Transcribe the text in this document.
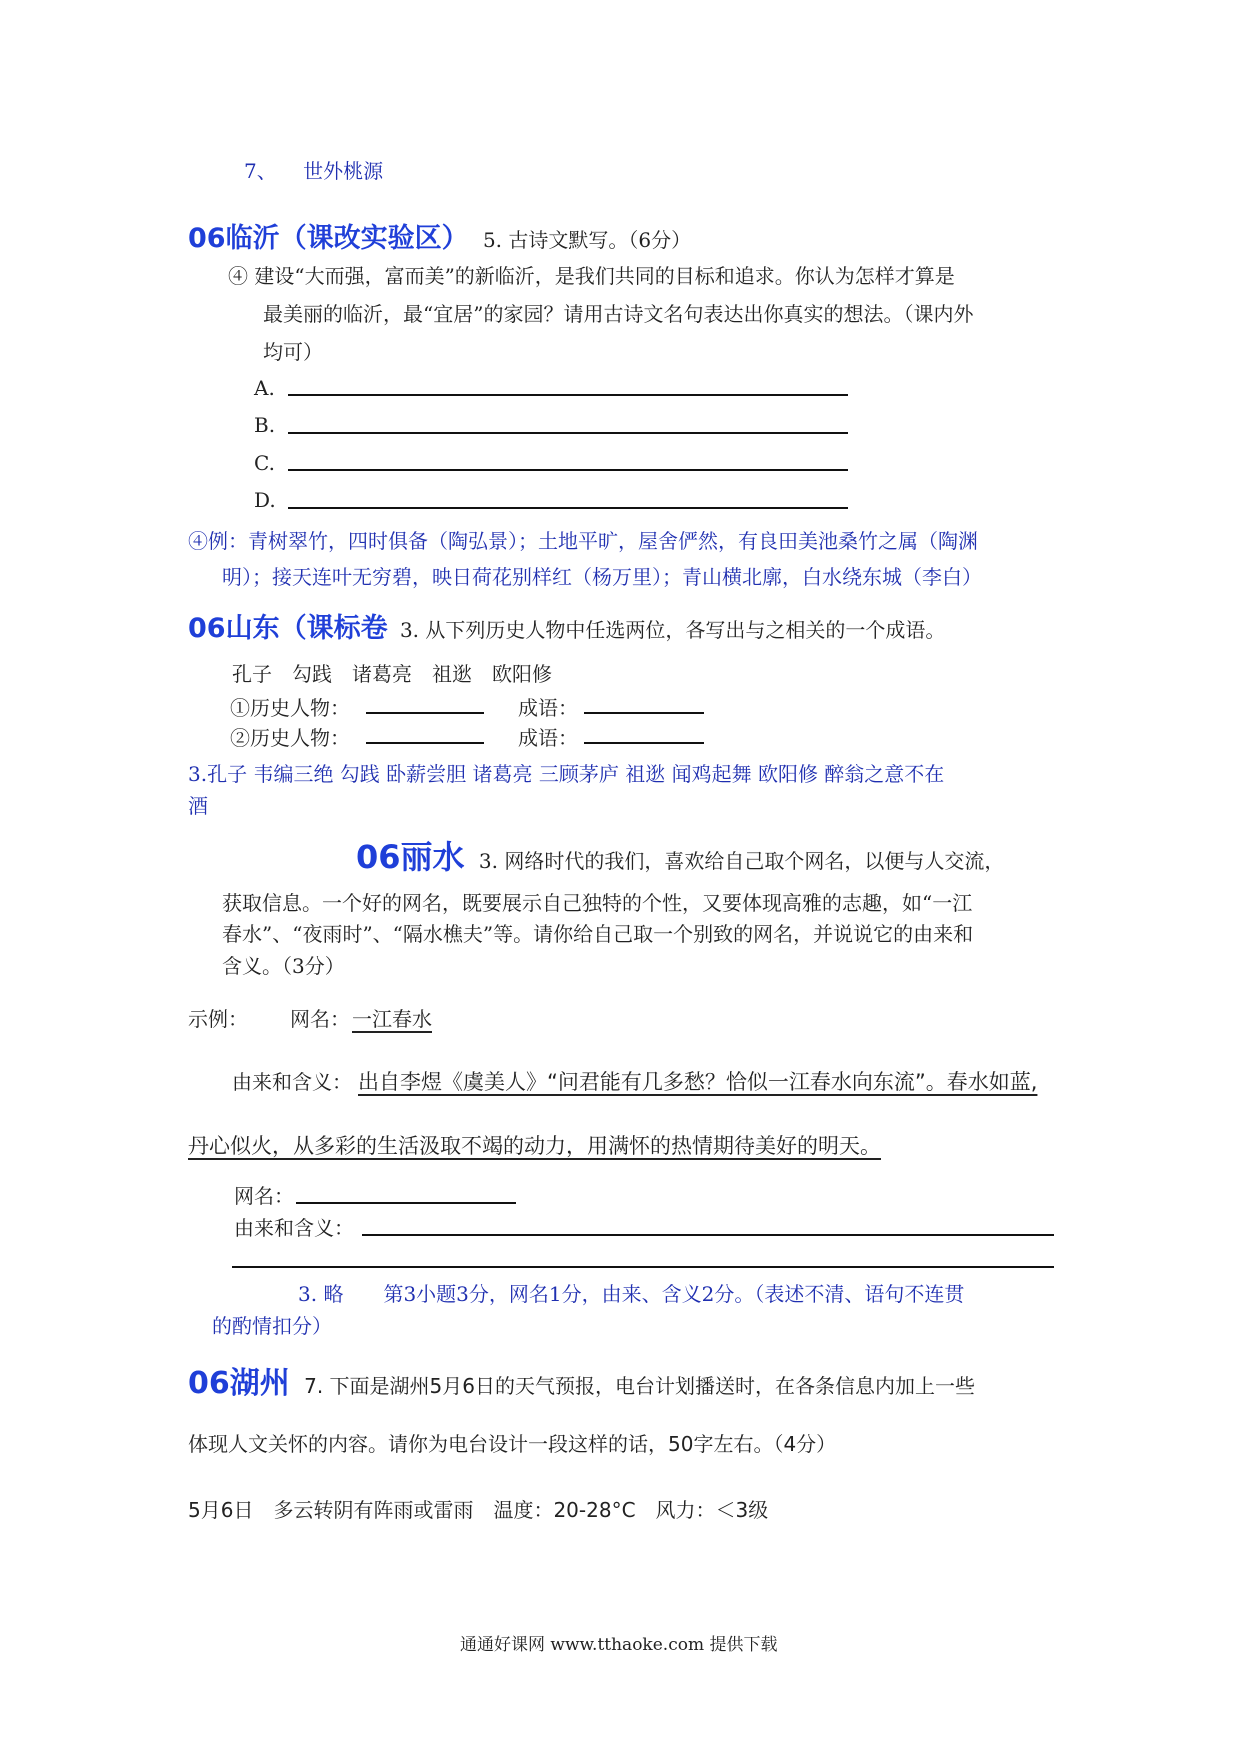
7、 世外桃源
06临沂（课改实验区） 5. 古诗文默写。（6分）
④ 建设“大而强，富而美”的新临沂，是我们共同的目标和追求。你认为怎样才算是
最美丽的临沂，最“宜居”的家园？请用古诗文名句表达出你真实的想法。（课内外
均可）
A.
B.
C.
D.
④例：青树翠竹，四时俱备（陶弘景）；土地平旷，屋舍俨然，有良田美池桑竹之属（陶渊
明）；接天连叶无穷碧，映日荷花别样红（杨万里）；青山横北廓，白水绕东城（李白）
06山东（课标卷 3. 从下列历史人物中任选两位，各写出与之相关的一个成语。
孔子　勾践　诸葛亮　祖逖　欧阳修
①历史人物：	成语：
②历史人物：	成语：
3.孔子 韦编三绝 勾践 卧薪尝胆 诸葛亮 三顾茅庐 祖逖 闻鸡起舞 欧阳修 醉翁之意不在
酒
06丽水 3. 网络时代的我们，喜欢给自己取个网名，以便与人交流，
获取信息。一个好的网名，既要展示自己独特的个性，又要体现高雅的志趣，如“一江
春水”、“夜雨时”、“隔水樵夫”等。请你给自己取一个别致的网名，并说说它的由来和
含义。（3分）
示例： 网名： 一江春水
由来和含义： 出自李煜《虞美人》“问君能有几多愁？恰似一江春水向东流”。春水如蓝,
丹心似火，从多彩的生活汲取不竭的动力，用满怀的热情期待美好的明天。
网名：
由来和含义：
3. 略　　第3小题3分，网名1分，由来、含义2分。（表述不清、语句不连贯
的酌情扣分）
06湖州 7. 下面是湖州5月6日的天气预报，电台计划播送时，在各条信息内加上一些
体现人文关怀的内容。请你为电台设计一段这样的话，50字左右。（4分）
5月6日　多云转阴有阵雨或雷雨　温度：20-28°C　风力：＜3级
通通好课网 www.tthaoke.com 提供下载
